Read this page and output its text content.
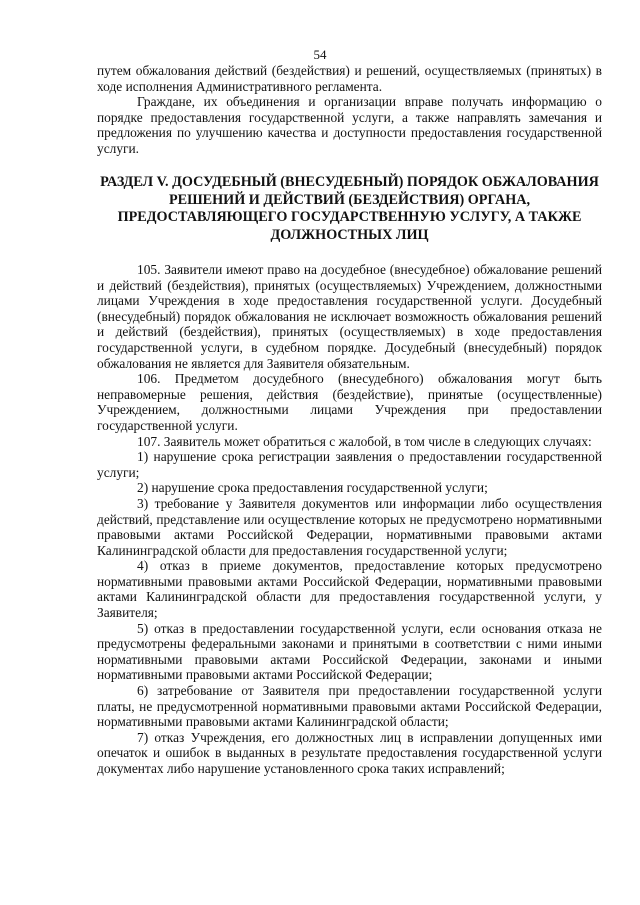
54

путем обжалования действий (бездействия) и решений, осуществляемых (принятых) в ходе исполнения Административного регламента.

Граждане, их объединения и организации вправе получать информацию о порядке предоставления государственной услуги, а также направлять замечания и предложения по улучшению качества и доступности предоставления государственной услуги.

РАЗДЕЛ V. ДОСУДЕБНЫЙ (ВНЕСУДЕБНЫЙ) ПОРЯДОК ОБЖАЛОВАНИЯ РЕШЕНИЙ И ДЕЙСТВИЙ (БЕЗДЕЙСТВИЯ) ОРГАНА, ПРЕДОСТАВЛЯЮЩЕГО ГОСУДАРСТВЕННУЮ УСЛУГУ, А ТАКЖЕ ДОЛЖНОСТНЫХ ЛИЦ

105. Заявители имеют право на досудебное (внесудебное) обжалование решений и действий (бездействия), принятых (осуществляемых) Учреждением, должностными лицами Учреждения в ходе предоставления государственной услуги. Досудебный (внесудебный) порядок обжалования не исключает возможность обжалования решений и действий (бездействия), принятых (осуществляемых) в ходе предоставления государственной услуги, в судебном порядке. Досудебный (внесудебный) порядок обжалования не является для Заявителя обязательным.

106. Предметом досудебного (внесудебного) обжалования могут быть неправомерные решения, действия (бездействие), принятые (осуществленные) Учреждением, должностными лицами Учреждения при предоставлении государственной услуги.

107. Заявитель может обратиться с жалобой, в том числе в следующих случаях:

1) нарушение срока регистрации заявления о предоставлении государственной услуги;

2) нарушение срока предоставления государственной услуги;

3) требование у Заявителя документов или информации либо осуществления действий, представление или осуществление которых не предусмотрено нормативными правовыми актами Российской Федерации, нормативными правовыми актами Калининградской области для предоставления государственной услуги;

4) отказ в приеме документов, предоставление которых предусмотрено нормативными правовыми актами Российской Федерации, нормативными правовыми актами Калининградской области для предоставления государственной услуги, у Заявителя;

5) отказ в предоставлении государственной услуги, если основания отказа не предусмотрены федеральными законами и принятыми в соответствии с ними иными нормативными правовыми актами Российской Федерации, законами и иными нормативными правовыми актами Российской Федерации;

6) затребование от Заявителя при предоставлении государственной услуги платы, не предусмотренной нормативными правовыми актами Российской Федерации, нормативными правовыми актами Калининградской области;

7) отказ Учреждения, его должностных лиц в исправлении допущенных ими опечаток и ошибок в выданных в результате предоставления государственной услуги документах либо нарушение установленного срока таких исправлений;
